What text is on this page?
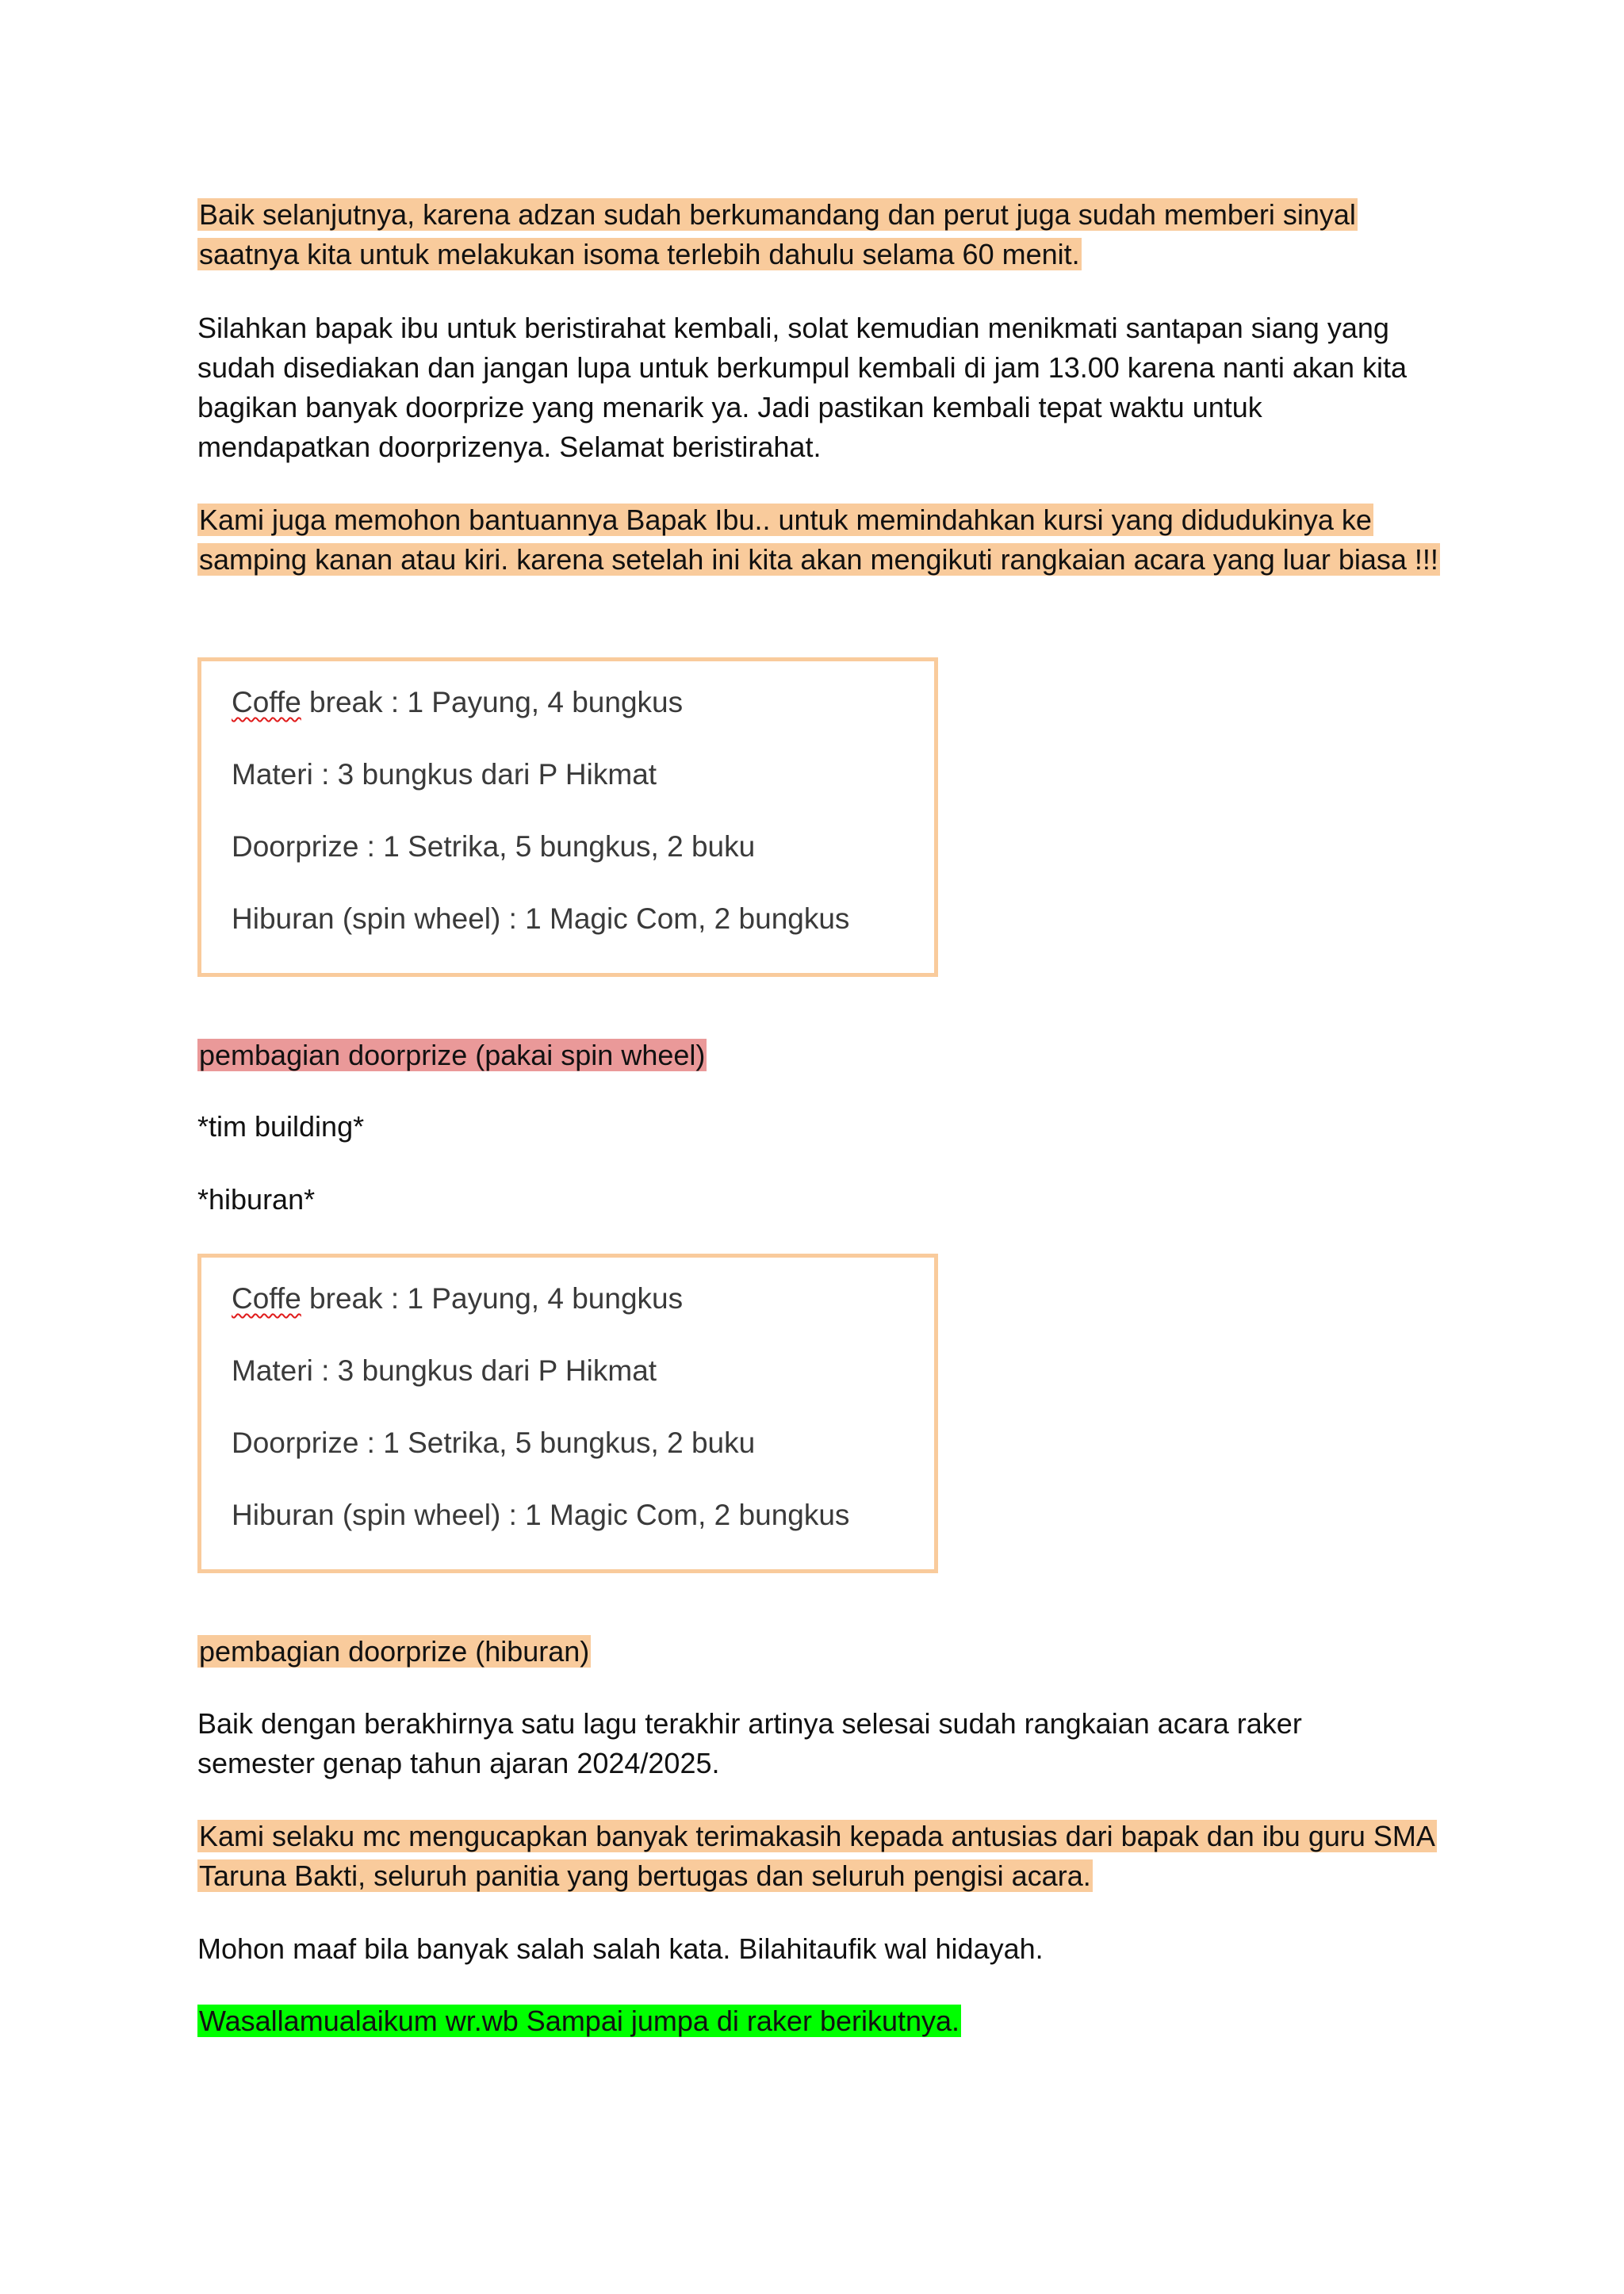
Baik selanjutnya, karena adzan sudah berkumandang dan perut juga sudah memberi sinyal saatnya kita untuk melakukan isoma terlebih dahulu selama 60 menit.

Silahkan bapak ibu untuk beristirahat kembali, solat kemudian menikmati santapan siang yang sudah disediakan dan jangan lupa untuk berkumpul kembali di jam 13.00 karena nanti akan kita bagikan banyak doorprize yang menarik ya. Jadi pastikan kembali tepat waktu untuk mendapatkan doorprizenya. Selamat beristirahat.

Kami juga memohon bantuannya Bapak Ibu.. untuk memindahkan kursi yang didudukinya ke samping kanan atau kiri. karena setelah ini kita akan mengikuti rangkaian acara yang luar biasa !!!

Coffe break : 1 Payung, 4 bungkus
Materi : 3 bungkus dari P Hikmat
Doorprize : 1 Setrika, 5 bungkus, 2 buku
Hiburan (spin wheel) : 1 Magic Com, 2 bungkus

pembagian doorprize (pakai spin wheel)

*tim building*

*hiburan*

Coffe break : 1 Payung, 4 bungkus
Materi : 3 bungkus dari P Hikmat
Doorprize : 1 Setrika, 5 bungkus, 2 buku
Hiburan (spin wheel) : 1 Magic Com, 2 bungkus

pembagian doorprize (hiburan)

Baik dengan berakhirnya satu lagu terakhir artinya selesai sudah rangkaian acara raker semester genap tahun ajaran 2024/2025.

Kami selaku mc mengucapkan banyak terimakasih kepada antusias dari bapak dan ibu guru SMA Taruna Bakti, seluruh panitia yang bertugas dan seluruh pengisi acara.

Mohon maaf bila banyak salah salah kata. Bilahitaufik wal hidayah.

Wasallamualaikum wr.wb Sampai jumpa di raker berikutnya.
